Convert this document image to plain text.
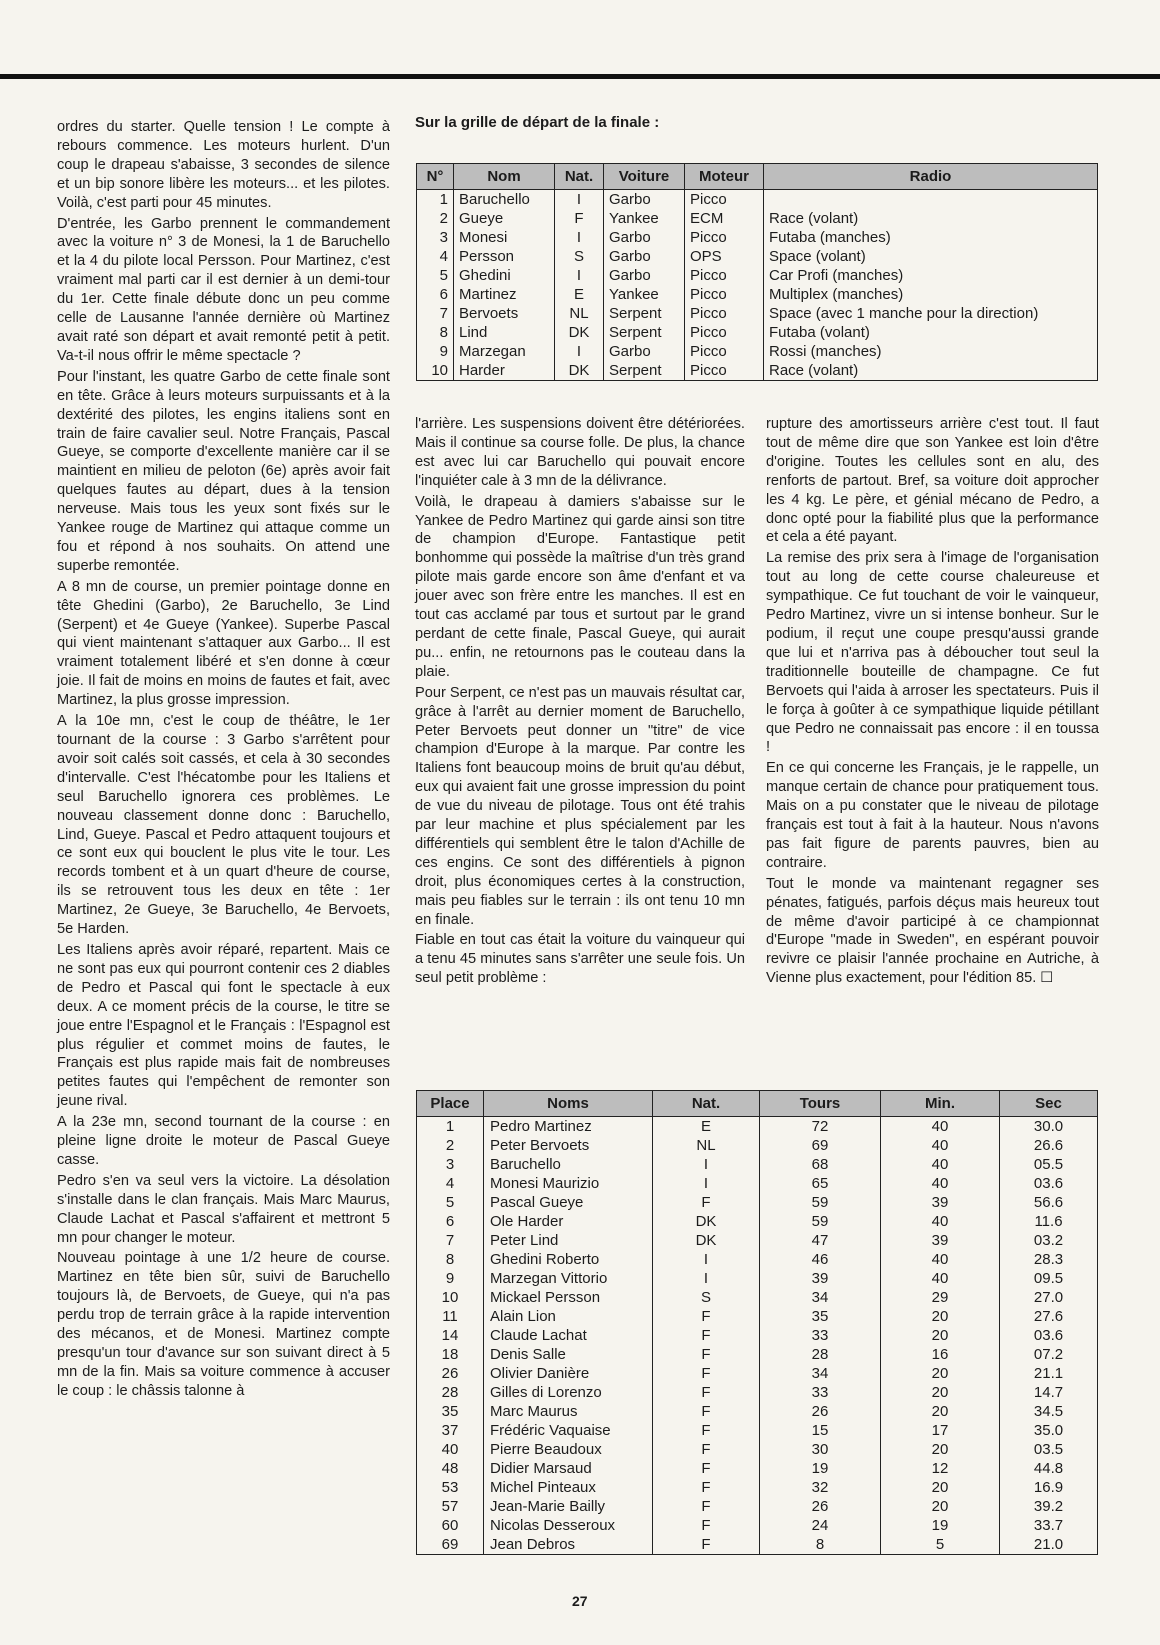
ordres du starter. Quelle tension ! Le compte à rebours commence. Les moteurs hurlent. D'un coup le drapeau s'abaisse, 3 secondes de silence et un bip sonore libère les moteurs... et les pilotes. Voilà, c'est parti pour 45 minutes.

D'entrée, les Garbo prennent le commandement avec la voiture n° 3 de Monesi, la 1 de Baruchello et la 4 du pilote local Persson. Pour Martinez, c'est vraiment mal parti car il est dernier à un demi-tour du 1er. Cette finale débute donc un peu comme celle de Lausanne l'année dernière où Martinez avait raté son départ et avait remonté petit à petit. Va-t-il nous offrir le même spectacle ?

Pour l'instant, les quatre Garbo de cette finale sont en tête. Grâce à leurs moteurs surpuissants et à la dextérité des pilotes, les engins italiens sont en train de faire cavalier seul. Notre Français, Pascal Gueye, se comporte d'excellente manière car il se maintient en milieu de peloton (6e) après avoir fait quelques fautes au départ, dues à la tension nerveuse. Mais tous les yeux sont fixés sur le Yankee rouge de Martinez qui attaque comme un fou et répond à nos souhaits. On attend une superbe remontée.

A 8 mn de course, un premier pointage donne en tête Ghedini (Garbo), 2e Baruchello, 3e Lind (Serpent) et 4e Gueye (Yankee). Superbe Pascal qui vient maintenant s'attaquer aux Garbo... Il est vraiment totalement libéré et s'en donne à cœur joie. Il fait de moins en moins de fautes et fait, avec Martinez, la plus grosse impression.

A la 10e mn, c'est le coup de théâtre, le 1er tournant de la course : 3 Garbo s'arrêtent pour avoir soit calés soit cassés, et cela à 30 secondes d'intervalle. C'est l'hécatombe pour les Italiens et seul Baruchello ignorera ces problèmes. Le nouveau classement donne donc : Baruchello, Lind, Gueye. Pascal et Pedro attaquent toujours et ce sont eux qui bouclent le plus vite le tour. Les records tombent et à un quart d'heure de course, ils se retrouvent tous les deux en tête : 1er Martinez, 2e Gueye, 3e Baruchello, 4e Bervoets, 5e Harden.

Les Italiens après avoir réparé, repartent. Mais ce ne sont pas eux qui pourront contenir ces 2 diables de Pedro et Pascal qui font le spectacle à eux deux. A ce moment précis de la course, le titre se joue entre l'Espagnol et le Français : l'Espagnol est plus régulier et commet moins de fautes, le Français est plus rapide mais fait de nombreuses petites fautes qui l'empêchent de remonter son jeune rival.

A la 23e mn, second tournant de la course : en pleine ligne droite le moteur de Pascal Gueye casse.

Pedro s'en va seul vers la victoire. La désolation s'installe dans le clan français. Mais Marc Maurus, Claude Lachat et Pascal s'affairent et mettront 5 mn pour changer le moteur.

Nouveau pointage à une 1/2 heure de course. Martinez en tête bien sûr, suivi de Baruchello toujours là, de Bervoets, de Gueye, qui n'a pas perdu trop de terrain grâce à la rapide intervention des mécanos, et de Monesi. Martinez compte presqu'un tour d'avance sur son suivant direct à 5 mn de la fin. Mais sa voiture commence à accuser le coup : le châssis talonne à

Sur la grille de départ de la finale :
N°	Nom	Nat.	Voiture	Moteur	Radio
1	Baruchello	I	Garbo	Picco	
2	Gueye	F	Yankee	ECM	Race (volant)
3	Monesi	I	Garbo	Picco	Futaba (manches)
4	Persson	S	Garbo	OPS	Space (volant)
5	Ghedini	I	Garbo	Picco	Car Profi (manches)
6	Martinez	E	Yankee	Picco	Multiplex (manches)
7	Bervoets	NL	Serpent	Picco	Space (avec 1 manche pour la direction)
8	Lind	DK	Serpent	Picco	Futaba (volant)
9	Marzegan	I	Garbo	Picco	Rossi (manches)
10	Harder	DK	Serpent	Picco	Race (volant)

l'arrière. Les suspensions doivent être détériorées. Mais il continue sa course folle. De plus, la chance est avec lui car Baruchello qui pouvait encore l'inquiéter cale à 3 mn de la délivrance.

Voilà, le drapeau à damiers s'abaisse sur le Yankee de Pedro Martinez qui garde ainsi son titre de champion d'Europe. Fantastique petit bonhomme qui possède la maîtrise d'un très grand pilote mais garde encore son âme d'enfant et va jouer avec son frère entre les manches. Il est en tout cas acclamé par tous et surtout par le grand perdant de cette finale, Pascal Gueye, qui aurait pu... enfin, ne retournons pas le couteau dans la plaie.

Pour Serpent, ce n'est pas un mauvais résultat car, grâce à l'arrêt au dernier moment de Baruchello, Peter Bervoets peut donner un "titre" de vice champion d'Europe à la marque. Par contre les Italiens font beaucoup moins de bruit qu'au début, eux qui avaient fait une grosse impression du point de vue du niveau de pilotage. Tous ont été trahis par leur machine et plus spécialement par les différentiels qui semblent être le talon d'Achille de ces engins. Ce sont des différentiels à pignon droit, plus économiques certes à la construction, mais peu fiables sur le terrain : ils ont tenu 10 mn en finale.

Fiable en tout cas était la voiture du vainqueur qui a tenu 45 minutes sans s'arrêter une seule fois. Un seul petit problème :

rupture des amortisseurs arrière c'est tout. Il faut tout de même dire que son Yankee est loin d'être d'origine. Toutes les cellules sont en alu, des renforts de partout. Bref, sa voiture doit approcher les 4 kg. Le père, et génial mécano de Pedro, a donc opté pour la fiabilité plus que la performance et cela a été payant.

La remise des prix sera à l'image de l'organisation tout au long de cette course chaleureuse et sympathique. Ce fut touchant de voir le vainqueur, Pedro Martinez, vivre un si intense bonheur. Sur le podium, il reçut une coupe presqu'aussi grande que lui et n'arriva pas à déboucher tout seul la traditionnelle bouteille de champagne. Ce fut Bervoets qui l'aida à arroser les spectateurs. Puis il le força à goûter à ce sympathique liquide pétillant que Pedro ne connaissait pas encore : il en toussa !

En ce qui concerne les Français, je le rappelle, un manque certain de chance pour pratiquement tous. Mais on a pu constater que le niveau de pilotage français est tout à fait à la hauteur. Nous n'avons pas fait figure de parents pauvres, bien au contraire.

Tout le monde va maintenant regagner ses pénates, fatigués, parfois déçus mais heureux tout de même d'avoir participé à ce championnat d'Europe "made in Sweden", en espérant pouvoir revivre ce plaisir l'année prochaine en Autriche, à Vienne plus exactement, pour l'édition 85. ☐

Place	Noms	Nat.	Tours	Min.	Sec
1	Pedro Martinez	E	72	40	30.0
2	Peter Bervoets	NL	69	40	26.6
3	Baruchello	I	68	40	05.5
4	Monesi Maurizio	I	65	40	03.6
5	Pascal Gueye	F	59	39	56.6
6	Ole Harder	DK	59	40	11.6
7	Peter Lind	DK	47	39	03.2
8	Ghedini Roberto	I	46	40	28.3
9	Marzegan Vittorio	I	39	40	09.5
10	Mickael Persson	S	34	29	27.0
11	Alain Lion	F	35	20	27.6
14	Claude Lachat	F	33	20	03.6
18	Denis Salle	F	28	16	07.2
26	Olivier Danière	F	34	20	21.1
28	Gilles di Lorenzo	F	33	20	14.7
35	Marc Maurus	F	26	20	34.5
37	Frédéric Vaquaise	F	15	17	35.0
40	Pierre Beaudoux	F	30	20	03.5
48	Didier Marsaud	F	19	12	44.8
53	Michel Pinteaux	F	32	20	16.9
57	Jean-Marie Bailly	F	26	20	39.2
60	Nicolas Desseroux	F	24	19	33.7
69	Jean Debros	F	8	5	21.0
27
